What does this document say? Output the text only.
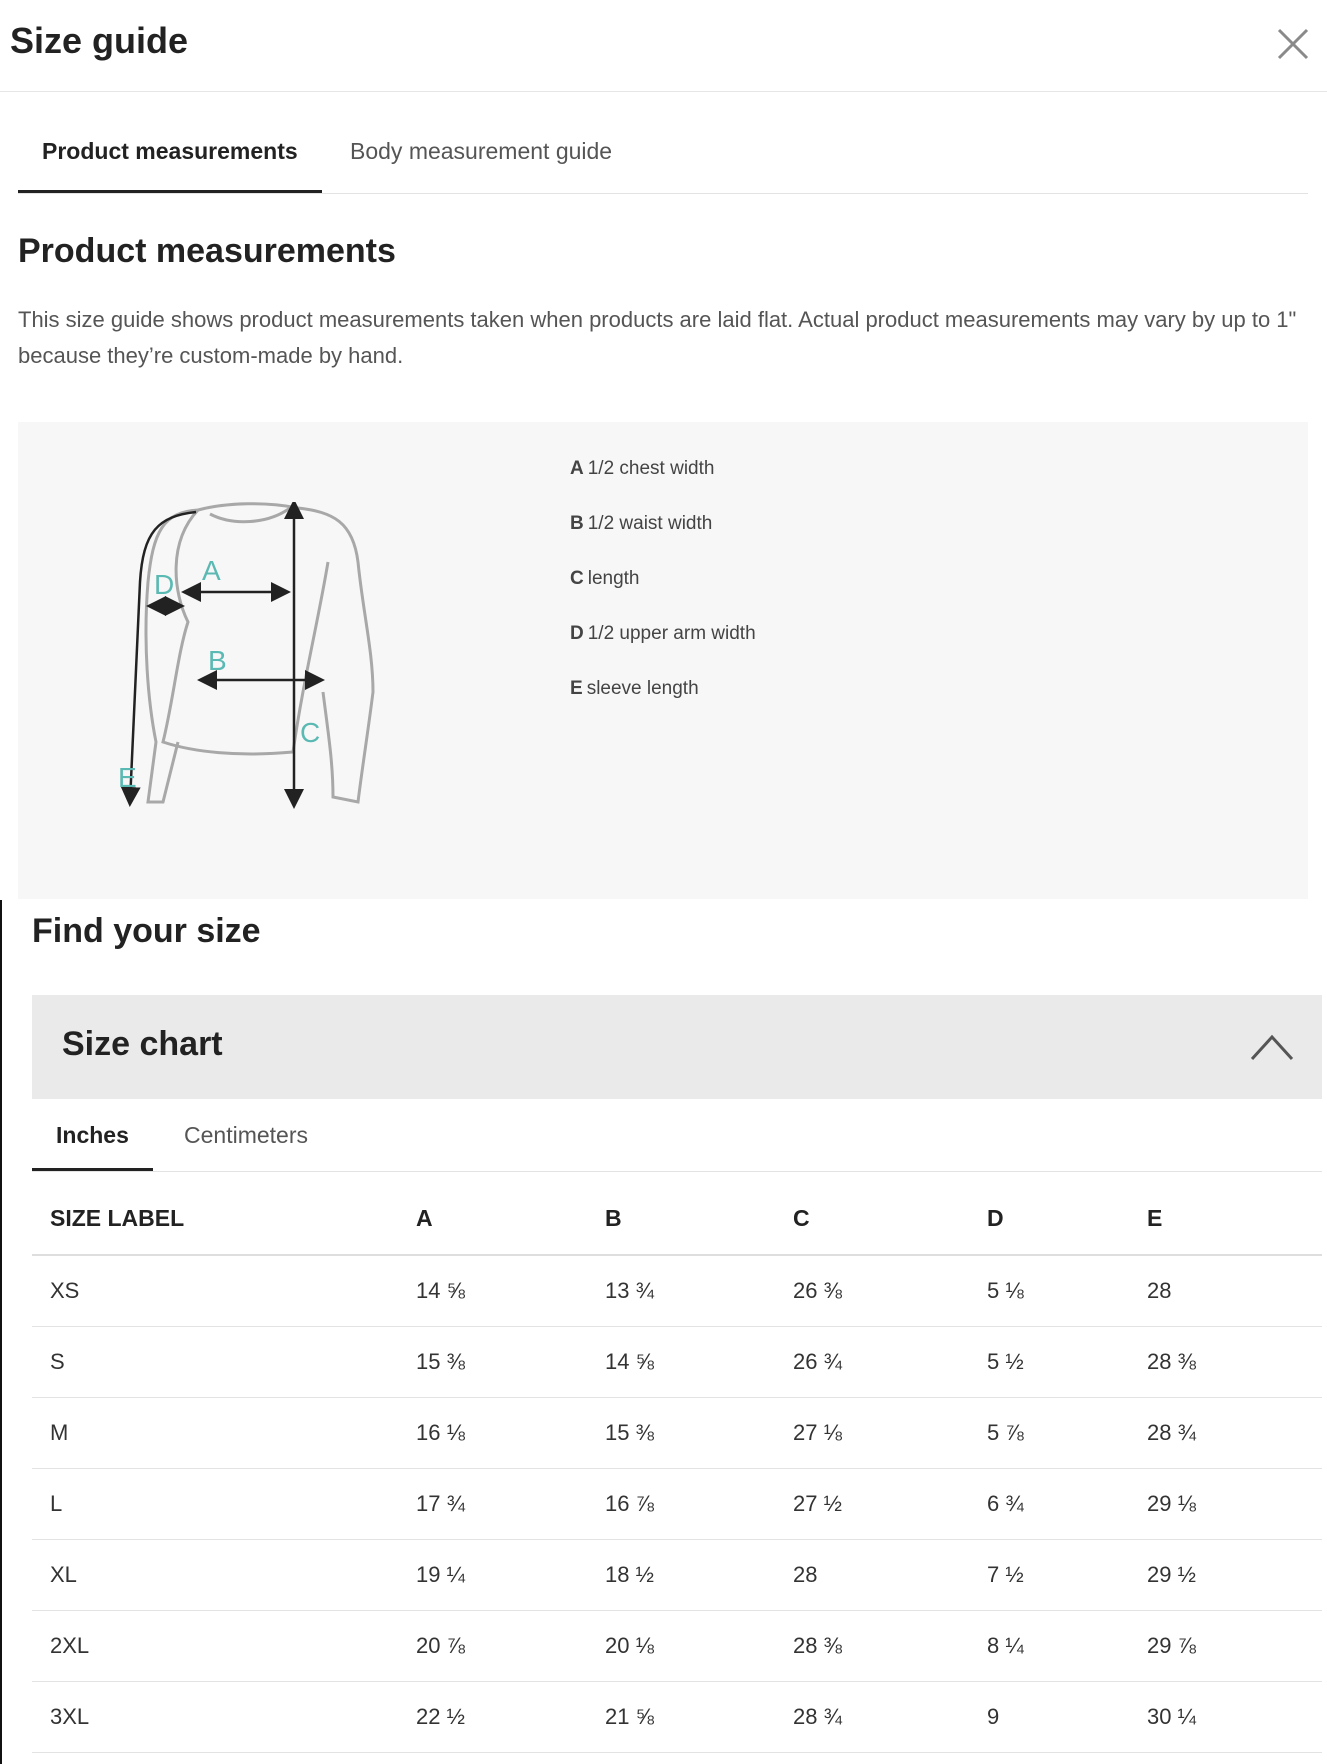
Size guide
Product measurements	Body measurement guide
Product measurements
This size guide shows product measurements taken when products are laid flat. Actual product measurements may vary by up to 1" because they’re custom-made by hand.
A
B
C
D
E
A 1/2 chest width
B 1/2 waist width
C length
D 1/2 upper arm width
E sleeve length
Find your size
Size chart
Inches	Centimeters
SIZE LABEL	A	B	C	D	E
XS	14 ⅝	13 ¾	26 ⅜	5 ⅛	28
S	15 ⅜	14 ⅝	26 ¾	5 ½	28 ⅜
M	16 ⅛	15 ⅜	27 ⅛	5 ⅞	28 ¾
L	17 ¾	16 ⅞	27 ½	6 ¾	29 ⅛
XL	19 ¼	18 ½	28	7 ½	29 ½
2XL	20 ⅞	20 ⅛	28 ⅜	8 ¼	29 ⅞
3XL	22 ½	21 ⅝	28 ¾	9	30 ¼
